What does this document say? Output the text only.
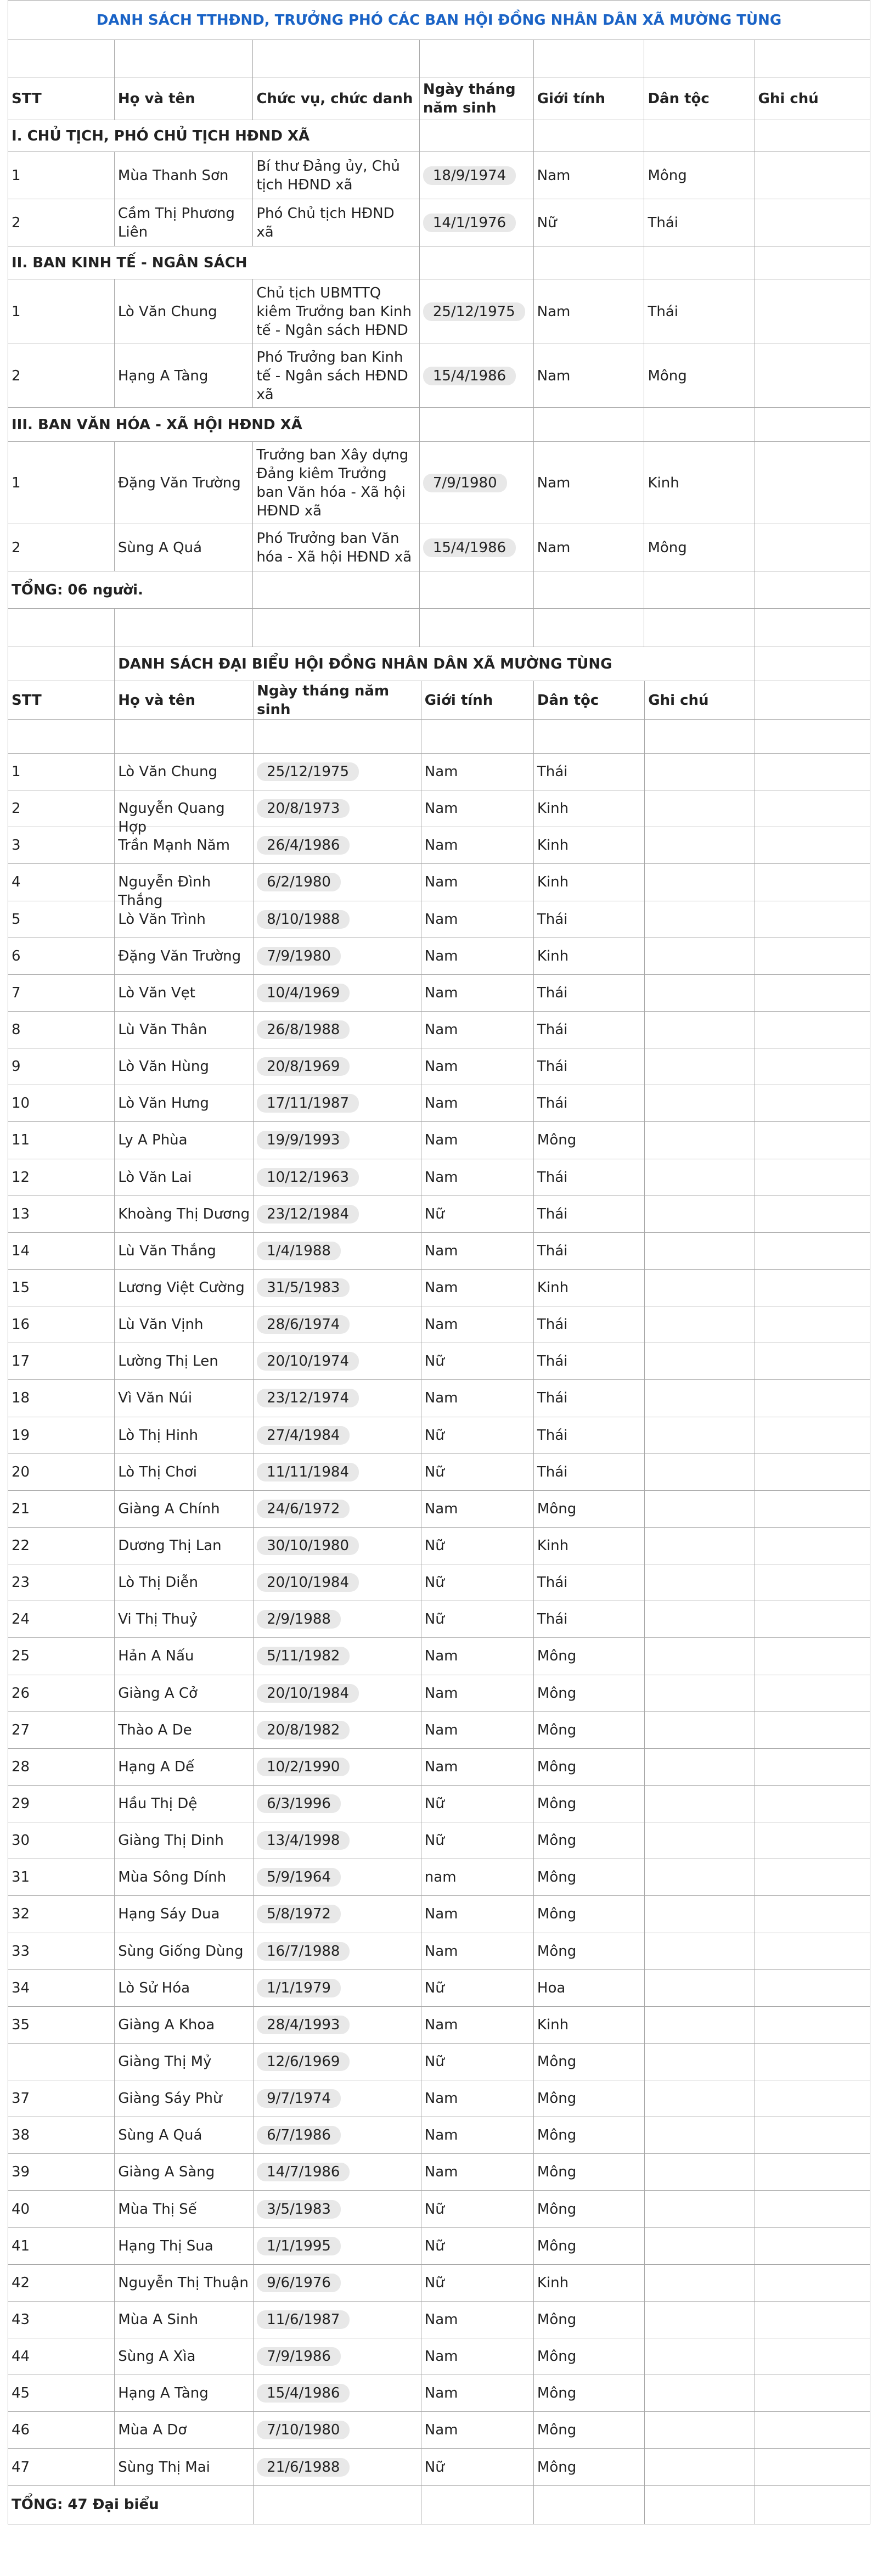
DANH SÁCH TTHĐND, TRƯỞNG PHÓ CÁC BAN HỘI ĐỒNG NHÂN DÂN XÃ MƯỜNG TÙNG						

STT	Họ và tên	Chức vụ, chức danh	Ngày tháng năm sinh	Giới tính	Dân tộc	Ghi chú
I. CHỦ TỊCH, PHÓ CHỦ TỊCH HĐND XÃ						
1	Mùa Thanh Sơn	Bí thư Đảng ủy, Chủ tịch HĐND xã	18/9/1974	Nam	Mông	
2	Cầm Thị Phương Liên	Phó Chủ tịch HĐND xã	14/1/1976	Nữ	Thái	
II. BAN KINH TẾ - NGÂN SÁCH						
1	Lò Văn Chung	Chủ tịch UBMTTQ kiêm Trưởng ban Kinh tế - Ngân sách HĐND	25/12/1975	Nam	Thái	
2	Hạng A Tàng	Phó Trưởng ban Kinh tế - Ngân sách HĐND xã	15/4/1986	Nam	Mông	
III. BAN VĂN HÓA - XÃ HỘI HĐND XÃ						
1	Đặng Văn Trường	Trưởng ban Xây dựng Đảng kiêm Trưởng ban Văn hóa - Xã hội HĐND xã	7/9/1980	Nam	Kinh	
2	Sùng A Quá	Phó Trưởng ban Văn hóa - Xã hội HĐND xã	15/4/1986	Nam	Mông	
TỔNG: 06 người.						

	DANH SÁCH ĐẠI BIỂU HỘI ĐỒNG NHÂN DÂN XÃ MƯỜNG TÙNG					
STT	Họ và tên	Ngày tháng năm sinh	Giới tính	Dân tộc	Ghi chú	

1	Lò Văn Chung	25/12/1975	Nam	Thái		

2	Nguyễn Quang Hợp	20/8/1973	Nam	Kinh		

3	Trần Mạnh Năm	26/4/1986	Nam	Kinh		

4	Nguyễn Đình Thắng	6/2/1980	Nam	Kinh		

5	Lò Văn Trình	8/10/1988	Nam	Thái		

6	Đặng Văn Trường	7/9/1980	Nam	Kinh		

7	Lò Văn Vẹt	10/4/1969	Nam	Thái		

8	Lù Văn Thân	26/8/1988	Nam	Thái		

9	Lò Văn Hùng	20/8/1969	Nam	Thái		

10	Lò Văn Hưng	17/11/1987	Nam	Thái		

11	Ly A Phùa	19/9/1993	Nam	Mông		

12	Lò Văn Lai	10/12/1963	Nam	Thái		

13	Khoàng Thị Dương	23/12/1984	Nữ	Thái		

14	Lù Văn Thắng	1/4/1988	Nam	Thái		

15	Lương Việt Cường	31/5/1983	Nam	Kinh		

16	Lù Văn Vịnh	28/6/1974	Nam	Thái		

17	Lường Thị Len	20/10/1974	Nữ	Thái		

18	Vì Văn Núi	23/12/1974	Nam	Thái		

19	Lò Thị Hinh	27/4/1984	Nữ	Thái		

20	Lò Thị Chơi	11/11/1984	Nữ	Thái		

21	Giàng A Chính	24/6/1972	Nam	Mông		

22	Dương Thị Lan	30/10/1980	Nữ	Kinh		

23	Lò Thị Diễn	20/10/1984	Nữ	Thái		

24	Vi Thị Thuỷ	2/9/1988	Nữ	Thái		

25	Hản A Nấu	5/11/1982	Nam	Mông		

26	Giàng A Cở	20/10/1984	Nam	Mông		

27	Thào A De	20/8/1982	Nam	Mông		

28	Hạng A Dế	10/2/1990	Nam	Mông		

29	Hầu Thị Dệ	6/3/1996	Nữ	Mông		

30	Giàng Thị Dinh	13/4/1998	Nữ	Mông		

31	Mùa Sông Dính	5/9/1964	nam	Mông		

32	Hạng Sáy Dua	5/8/1972	Nam	Mông		

33	Sùng Giống Dùng	16/7/1988	Nam	Mông		

34	Lò Sử Hóa	1/1/1979	Nữ	Hoa		

35	Giàng A Khoa	28/4/1993	Nam	Kinh		

	Giàng Thị Mỷ	12/6/1969	Nữ	Mông		

37	Giàng Sáy Phừ	9/7/1974	Nam	Mông		

38	Sùng A Quá	6/7/1986	Nam	Mông		

39	Giàng A Sàng	14/7/1986	Nam	Mông		

40	Mùa Thị Sế	3/5/1983	Nữ	Mông		

41	Hạng Thị Sua	1/1/1995	Nữ	Mông		

42	Nguyễn Thị Thuận	9/6/1976	Nữ	Kinh		

43	Mùa A Sinh	11/6/1987	Nam	Mông		

44	Sùng A Xìa	7/9/1986	Nam	Mông		

45	Hạng A Tàng	15/4/1986	Nam	Mông		

46	Mùa A Dơ	7/10/1980	Nam	Mông		

47	Sùng Thị Mai	21/6/1988	Nữ	Mông		

TỔNG: 47 Đại biểu						
